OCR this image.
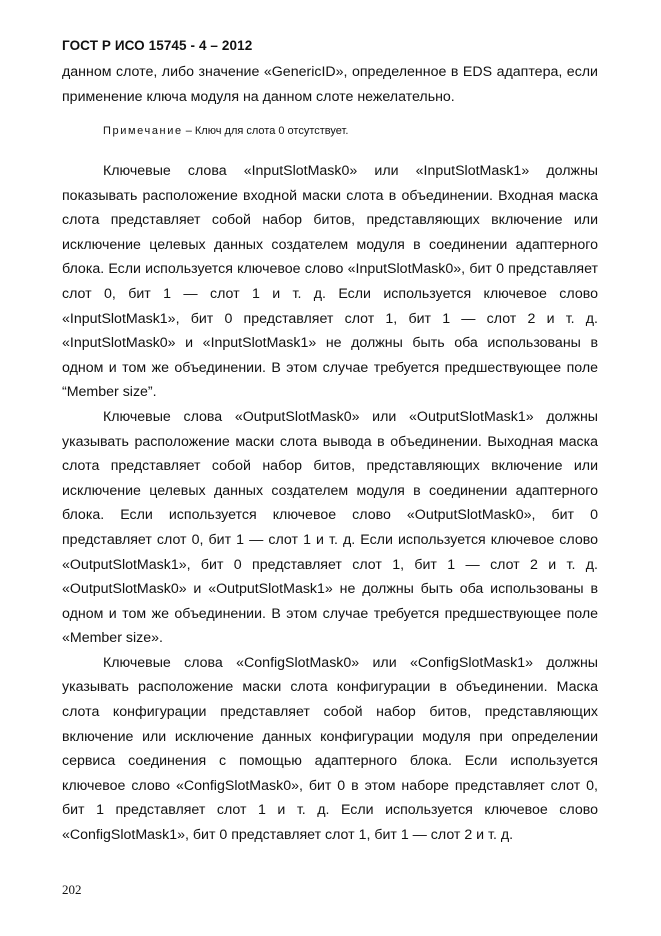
ГОСТ Р ИСО 15745 - 4 – 2012
данном слоте, либо значение «GenericID», определенное в EDS адаптера, если применение ключа модуля на данном слоте нежелательно.
Примечание – Ключ для слота 0 отсутствует.

Ключевые слова «InputSlotMask0» или «InputSlotMask1» должны показывать расположение входной маски слота в объединении. Входная маска слота представляет собой набор битов, представляющих включение или исключение целевых данных создателем модуля в соединении адаптерного блока. Если используется ключевое слово «InputSlotMask0», бит 0 представляет слот 0, бит 1 — слот 1 и т. д. Если используется ключевое слово «InputSlotMask1», бит 0 представляет слот 1, бит 1 — слот 2 и т. д. «InputSlotMask0» и «InputSlotMask1» не должны быть оба использованы в одном и том же объединении. В этом случае требуется предшествующее поле “Member size”.

Ключевые слова «OutputSlotMask0» или «OutputSlotMask1» должны указывать расположение маски слота вывода в объединении. Выходная маска слота представляет собой набор битов, представляющих включение или исключение целевых данных создателем модуля в соединении адаптерного блока. Если используется ключевое слово «OutputSlotMask0», бит 0 представляет слот 0, бит 1 — слот 1 и т. д. Если используется ключевое слово «OutputSlotMask1», бит 0 представляет слот 1, бит 1 — слот 2 и т. д. «OutputSlotMask0» и «OutputSlotMask1» не должны быть оба использованы в одном и том же объединении. В этом случае требуется предшествующее поле «Member size».

Ключевые слова «ConfigSlotMask0» или «ConfigSlotMask1» должны указывать расположение маски слота конфигурации в объединении. Маска слота конфигурации представляет собой набор битов, представляющих включение или исключение данных конфигурации модуля при определении сервиса соединения с помощью адаптерного блока. Если используется ключевое слово «ConfigSlotMask0», бит 0 в этом наборе представляет слот 0, бит 1 представляет слот 1 и т. д. Если используется ключевое слово «ConfigSlotMask1», бит 0 представляет слот 1, бит 1 — слот 2 и т. д.

202
